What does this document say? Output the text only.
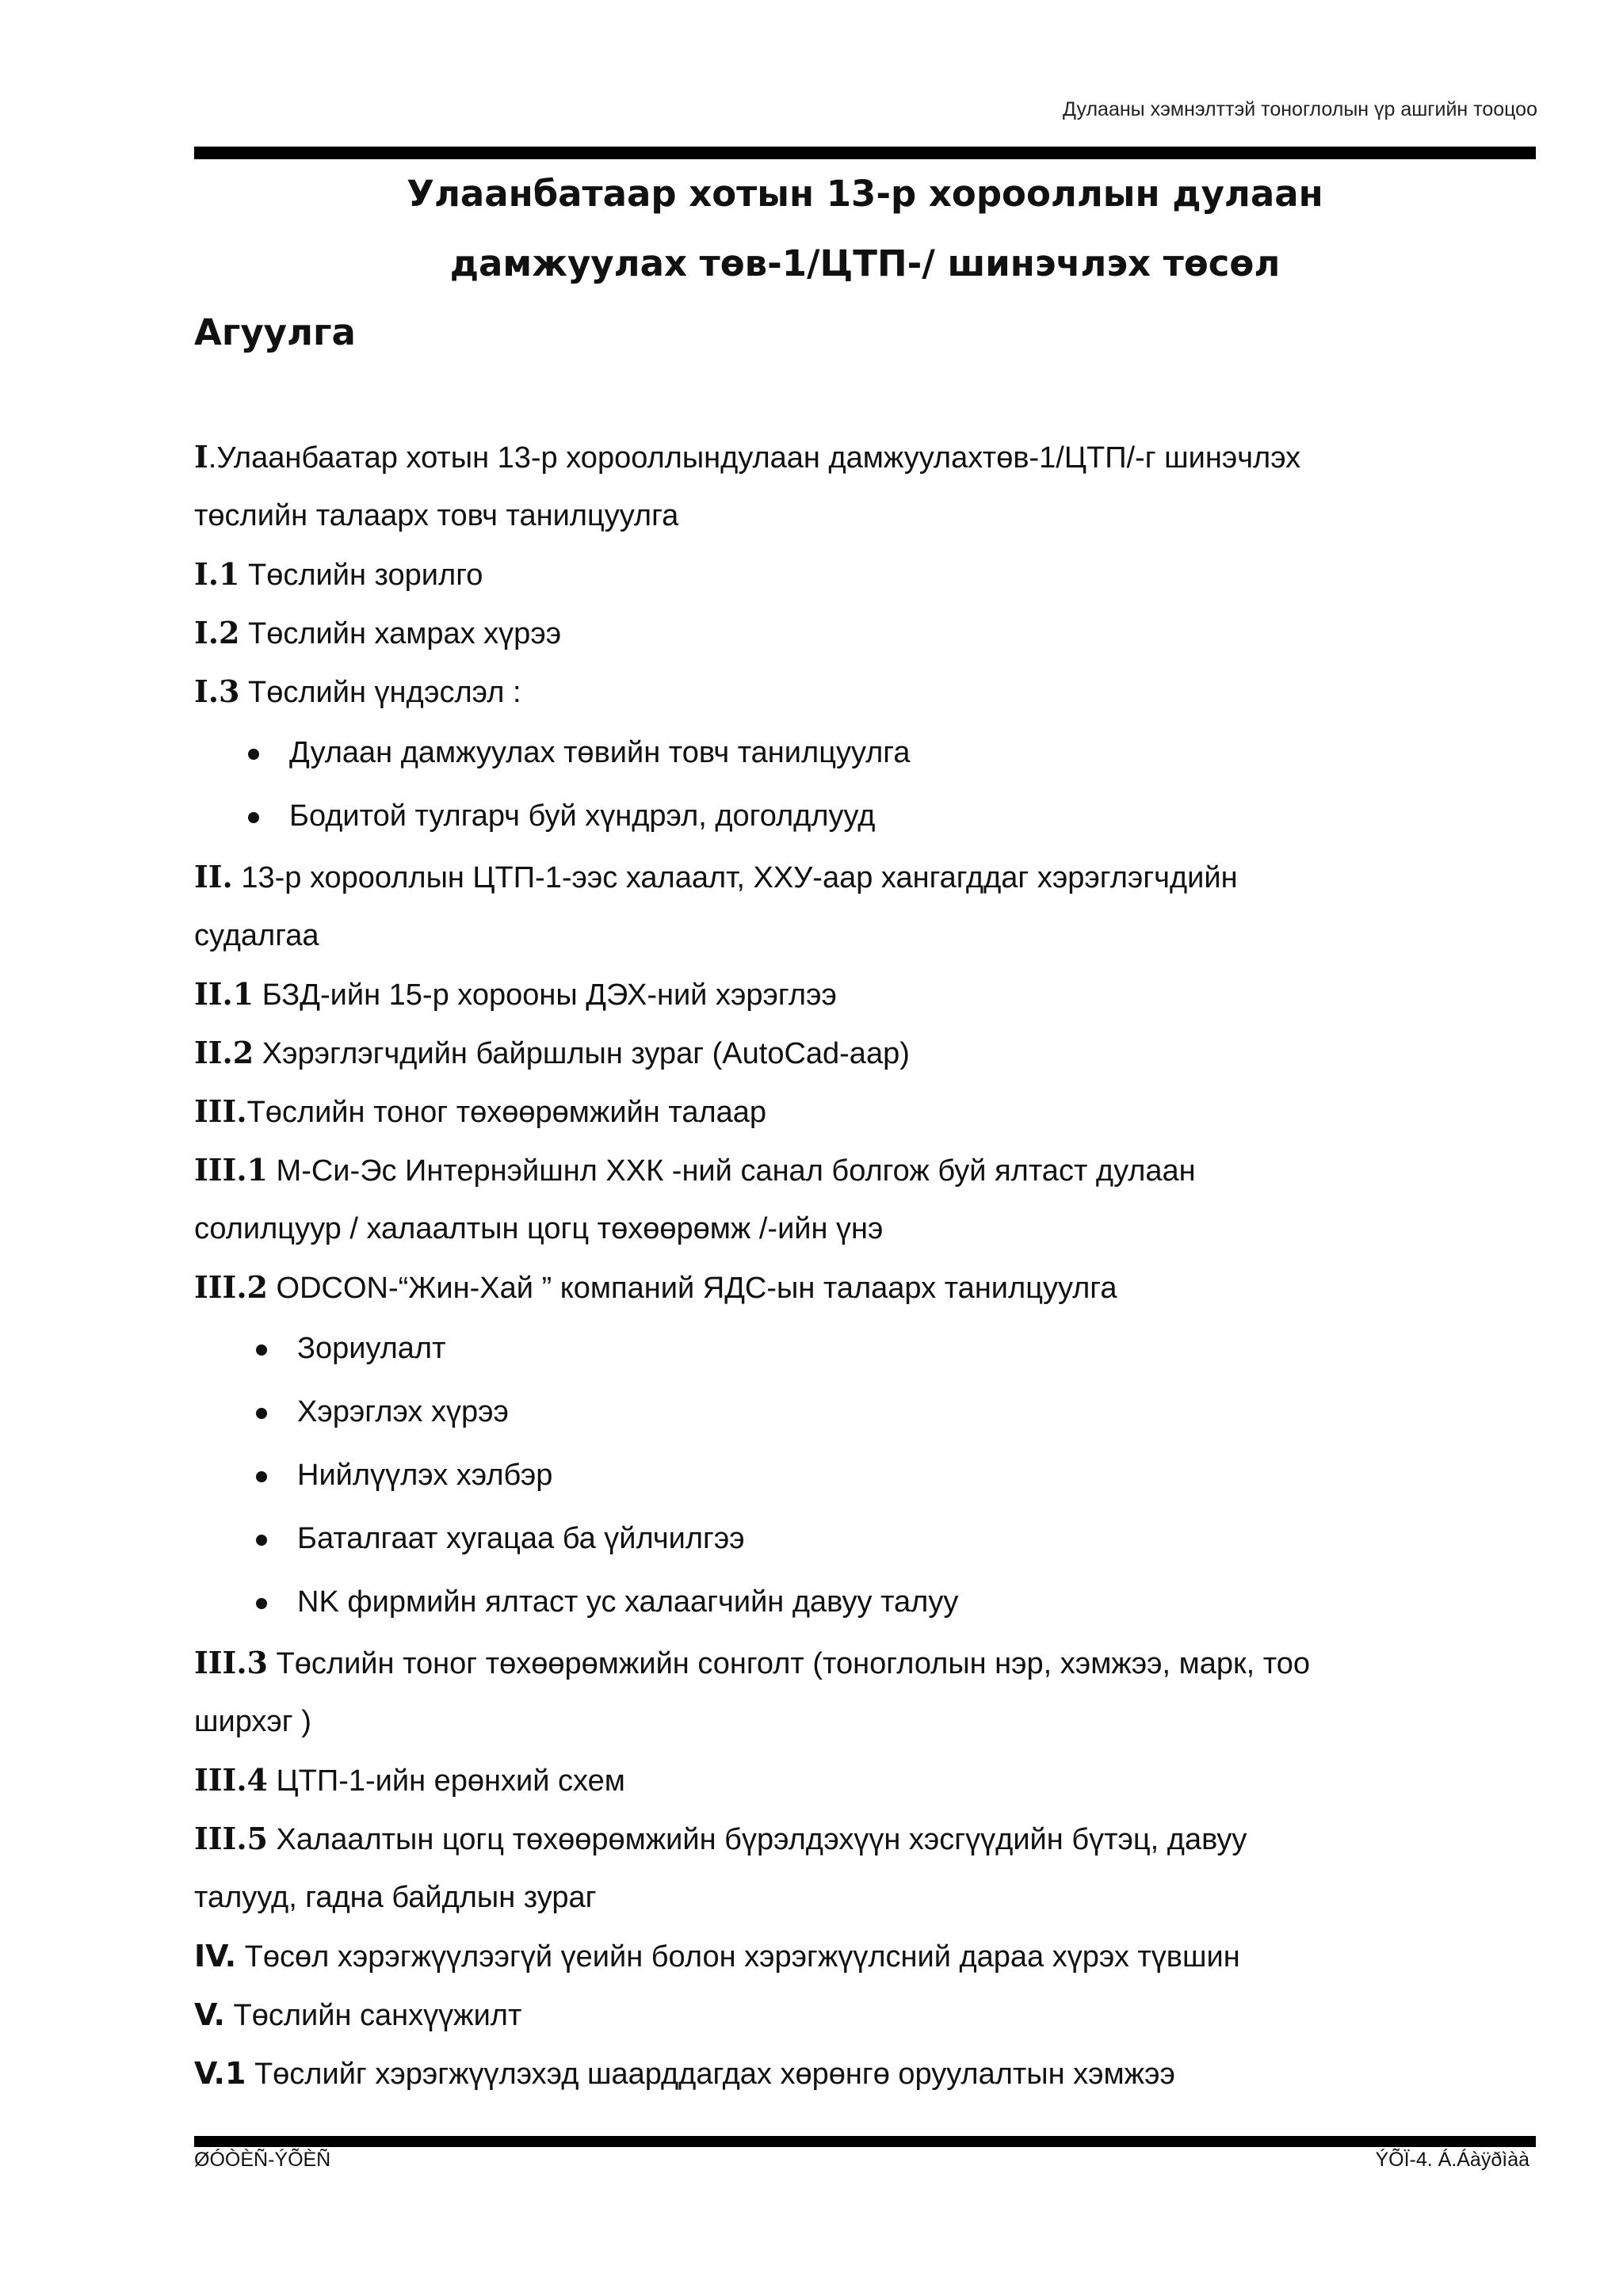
Дулааны хэмнэлттэй тоноглолын үр ашгийн тооцоо
Улаанбатаар хотын 13-р хорооллын дулаан
дамжуулах төв-1/ЦТП-/ шинэчлэх төсөл
Агуулга
I.Улаанбаатар хотын 13-р хорооллындулаан дамжуулахтөв-1/ЦТП/-г шинэчлэх
төслийн талаарх товч танилцуулга
I.1 Төслийн зорилго
I.2 Төслийн хамрах хүрээ
I.3 Төслийн үндэслэл :
Дулаан дамжуулах төвийн товч танилцуулга
Бодитой тулгарч буй хүндрэл, доголдлууд
II. 13-р хорооллын ЦТП-1-ээс халаалт, ХХУ-аар хангагддаг хэрэглэгчдийн
судалгаа
II.1 БЗД-ийн 15-р хорооны ДЭХ-ний хэрэглээ
II.2 Хэрэглэгчдийн байршлын зураг (AutoCad-аар)
III.Төслийн тоног төхөөрөмжийн талаар
III.1 М-Си-Эс Интернэйшнл ХХК -ний санал болгож буй ялтаст дулаан
солилцуур / халаалтын цогц төхөөрөмж /-ийн үнэ
III.2 ODCON-“Жин-Хай ” компаний ЯДС-ын талаарх танилцуулга
Зориулалт
Хэрэглэх хүрээ
Нийлүүлэх хэлбэр
Баталгаат хугацаа ба үйлчилгээ
NK фирмийн ялтаст ус халаагчийн давуу талуу
III.3 Төслийн тоног төхөөрөмжийн сонголт (тоноглолын нэр, хэмжээ, марк, тоо
ширхэг )
III.4 ЦТП-1-ийн ерөнхий схем
III.5 Халаалтын цогц төхөөрөмжийн бүрэлдэхүүн хэсгүүдийн бүтэц, давуу
талууд, гадна байдлын зураг
IV. Төсөл хэрэгжүүлээгүй үеийн болон хэрэгжүүлсний дараа хүрэх түвшин
V. Төслийн санхүүжилт
V.1 Төслийг хэрэгжүүлэхэд шаарддагдах хөрөнгө оруулалтын хэмжээ
ØÓÒÈÑ-ÝÕÈÑ	ÝÕÏ-4. Á.Áàÿðìàà
